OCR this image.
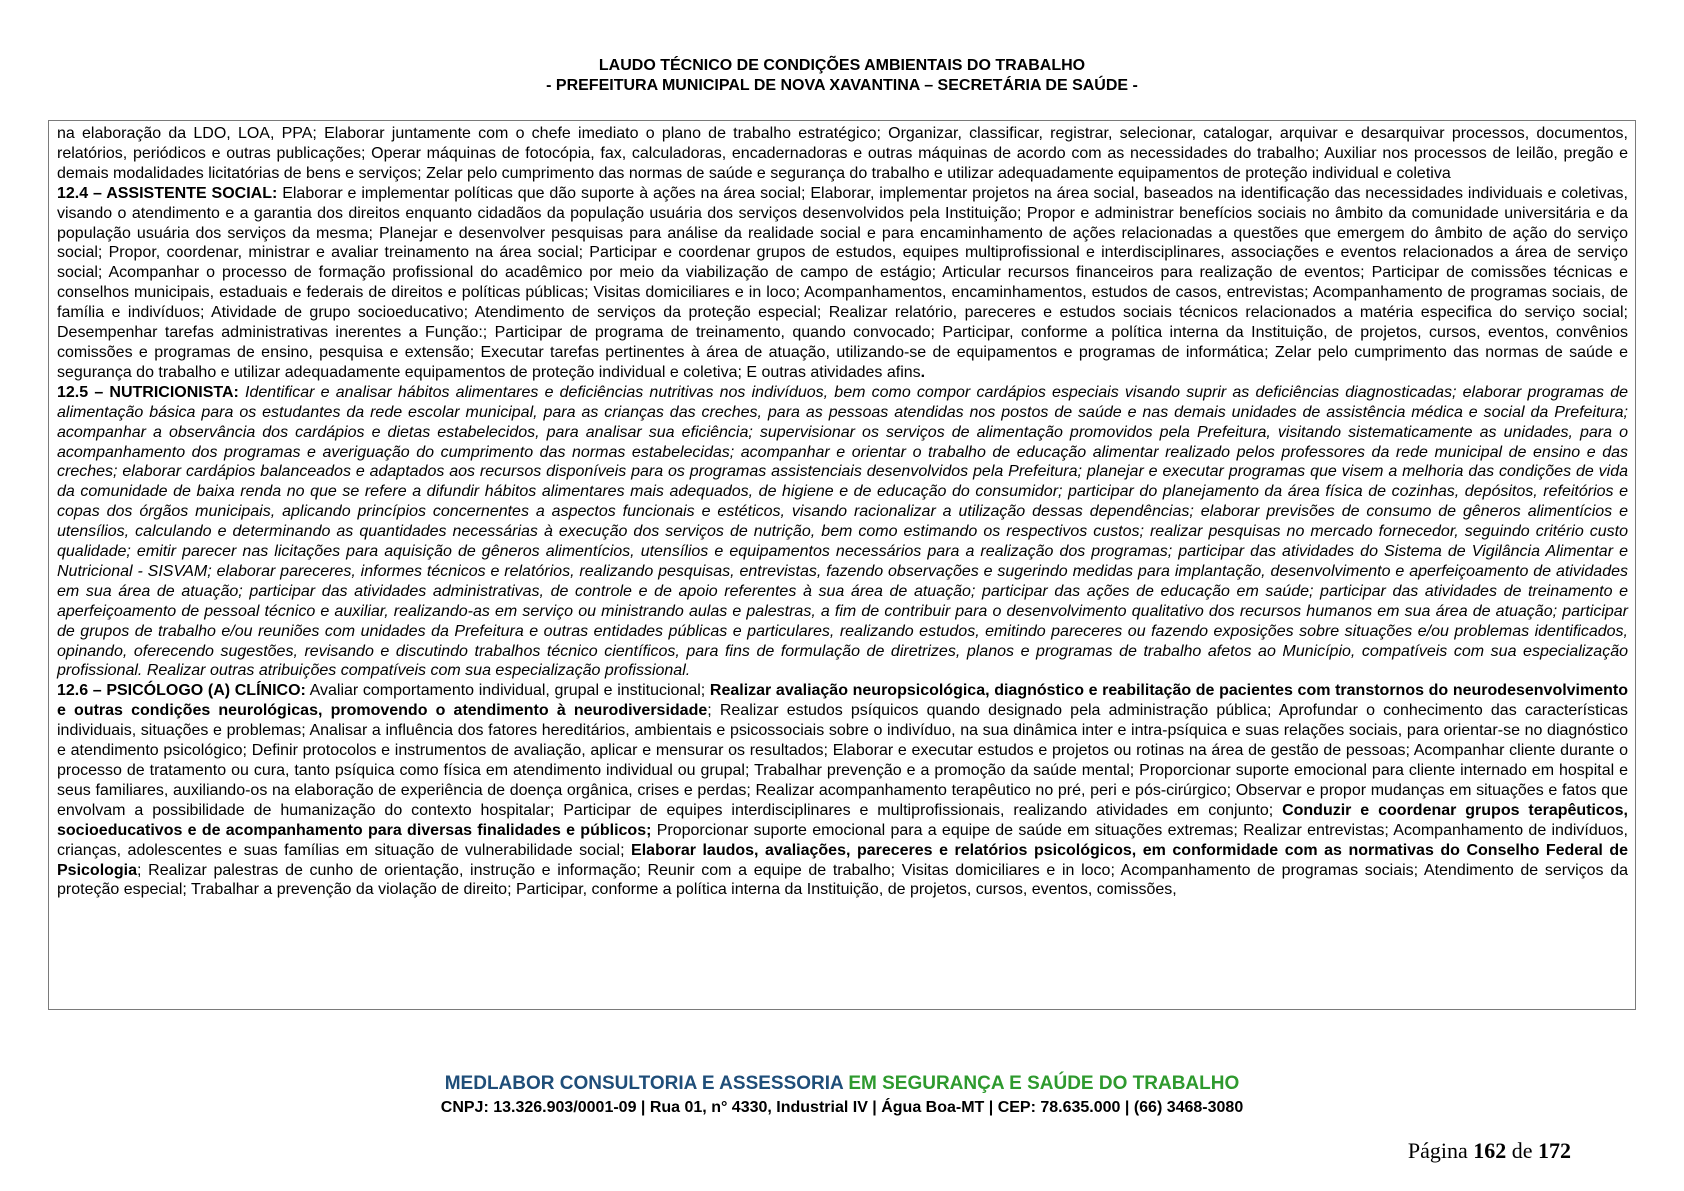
LAUDO TÉCNICO DE CONDIÇÕES AMBIENTAIS DO TRABALHO
- PREFEITURA MUNICIPAL DE NOVA XAVANTINA – SECRETÁRIA DE SAÚDE -

na elaboração da LDO, LOA, PPA; Elaborar juntamente com o chefe imediato o plano de trabalho estratégico; Organizar, classificar, registrar, selecionar, catalogar, arquivar e desarquivar processos, documentos, relatórios, periódicos e outras publicações; Operar máquinas de fotocópia, fax, calculadoras, encadernadoras e outras máquinas de acordo com as necessidades do trabalho; Auxiliar nos processos de leilão, pregão e demais modalidades licitatórias de bens e serviços; Zelar pelo cumprimento das normas de saúde e segurança do trabalho e utilizar adequadamente equipamentos de proteção individual e coletiva

12.4 – ASSISTENTE SOCIAL: Elaborar e implementar políticas que dão suporte à ações na área social; Elaborar, implementar projetos na área social, baseados na identificação das necessidades individuais e coletivas, visando o atendimento e a garantia dos direitos enquanto cidadãos da população usuária dos serviços desenvolvidos pela Instituição; Propor e administrar benefícios sociais no âmbito da comunidade universitária e da população usuária dos serviços da mesma; Planejar e desenvolver pesquisas para análise da realidade social e para encaminhamento de ações relacionadas a questões que emergem do âmbito de ação do serviço social; Propor, coordenar, ministrar e avaliar treinamento na área social; Participar e coordenar grupos de estudos, equipes multiprofissional e interdisciplinares, associações e eventos relacionados a área de serviço social; Acompanhar o processo de formação profissional do acadêmico por meio da viabilização de campo de estágio; Articular recursos financeiros para realização de eventos; Participar de comissões técnicas e conselhos municipais, estaduais e federais de direitos e políticas públicas; Visitas domiciliares e in loco; Acompanhamentos, encaminhamentos, estudos de casos, entrevistas; Acompanhamento de programas sociais, de família e indivíduos; Atividade de grupo socioeducativo; Atendimento de serviços da proteção especial; Realizar relatório, pareceres e estudos sociais técnicos relacionados a matéria especifica do serviço social; Desempenhar tarefas administrativas inerentes a Função:; Participar de programa de treinamento, quando convocado; Participar, conforme a política interna da Instituição, de projetos, cursos, eventos, convênios comissões e programas de ensino, pesquisa e extensão; Executar tarefas pertinentes à área de atuação, utilizando-se de equipamentos e programas de informática; Zelar pelo cumprimento das normas de saúde e segurança do trabalho e utilizar adequadamente equipamentos de proteção individual e coletiva; E outras atividades afins.

12.5 – NUTRICIONISTA: Identificar e analisar hábitos alimentares e deficiências nutritivas nos indivíduos, bem como compor cardápios especiais visando suprir as deficiências diagnosticadas; elaborar programas de alimentação básica para os estudantes da rede escolar municipal, para as crianças das creches, para as pessoas atendidas nos postos de saúde e nas demais unidades de assistência médica e social da Prefeitura; acompanhar a observância dos cardápios e dietas estabelecidos, para analisar sua eficiência; supervisionar os serviços de alimentação promovidos pela Prefeitura, visitando sistematicamente as unidades, para o acompanhamento dos programas e averiguação do cumprimento das normas estabelecidas; acompanhar e orientar o trabalho de educação alimentar realizado pelos professores da rede municipal de ensino e das creches; elaborar cardápios balanceados e adaptados aos recursos disponíveis para os programas assistenciais desenvolvidos pela Prefeitura; planejar e executar programas que visem a melhoria das condições de vida da comunidade de baixa renda no que se refere a difundir hábitos alimentares mais adequados, de higiene e de educação do consumidor; participar do planejamento da área física de cozinhas, depósitos, refeitórios e copas dos órgãos municipais, aplicando princípios concernentes a aspectos funcionais e estéticos, visando racionalizar a utilização dessas dependências; elaborar previsões de consumo de gêneros alimentícios e utensílios, calculando e determinando as quantidades necessárias à execução dos serviços de nutrição, bem como estimando os respectivos custos; realizar pesquisas no mercado fornecedor, seguindo critério custo qualidade; emitir parecer nas licitações para aquisição de gêneros alimentícios, utensílios e equipamentos necessários para a realização dos programas; participar das atividades do Sistema de Vigilância Alimentar e Nutricional - SISVAM; elaborar pareceres, informes técnicos e relatórios, realizando pesquisas, entrevistas, fazendo observações e sugerindo medidas para implantação, desenvolvimento e aperfeiçoamento de atividades em sua área de atuação; participar das atividades administrativas, de controle e de apoio referentes à sua área de atuação; participar das ações de educação em saúde; participar das atividades de treinamento e aperfeiçoamento de pessoal técnico e auxiliar, realizando-as em serviço ou ministrando aulas e palestras, a fim de contribuir para o desenvolvimento qualitativo dos recursos humanos em sua área de atuação; participar de grupos de trabalho e/ou reuniões com unidades da Prefeitura e outras entidades públicas e particulares, realizando estudos, emitindo pareceres ou fazendo exposições sobre situações e/ou problemas identificados, opinando, oferecendo sugestões, revisando e discutindo trabalhos técnico científicos, para fins de formulação de diretrizes, planos e programas de trabalho afetos ao Município, compatíveis com sua especialização profissional. Realizar outras atribuições compatíveis com sua especialização profissional.

12.6 – PSICÓLOGO (A) CLÍNICO: Avaliar comportamento individual, grupal e institucional; Realizar avaliação neuropsicológica, diagnóstico e reabilitação de pacientes com transtornos do neurodesenvolvimento e outras condições neurológicas, promovendo o atendimento à neurodiversidade; Realizar estudos psíquicos quando designado pela administração pública; Aprofundar o conhecimento das características individuais, situações e problemas; Analisar a influência dos fatores hereditários, ambientais e psicossociais sobre o indivíduo, na sua dinâmica inter e intra-psíquica e suas relações sociais, para orientar-se no diagnóstico e atendimento psicológico; Definir protocolos e instrumentos de avaliação, aplicar e mensurar os resultados; Elaborar e executar estudos e projetos ou rotinas na área de gestão de pessoas; Acompanhar cliente durante o processo de tratamento ou cura, tanto psíquica como física em atendimento individual ou grupal; Trabalhar prevenção e a promoção da saúde mental; Proporcionar suporte emocional para cliente internado em hospital e seus familiares, auxiliando-os na elaboração de experiência de doença orgânica, crises e perdas; Realizar acompanhamento terapêutico no pré, peri e pós-cirúrgico; Observar e propor mudanças em situações e fatos que envolvam a possibilidade de humanização do contexto hospitalar; Participar de equipes interdisciplinares e multiprofissionais, realizando atividades em conjunto; Conduzir e coordenar grupos terapêuticos, socioeducativos e de acompanhamento para diversas finalidades e públicos; Proporcionar suporte emocional para a equipe de saúde em situações extremas; Realizar entrevistas; Acompanhamento de indivíduos, crianças, adolescentes e suas famílias em situação de vulnerabilidade social; Elaborar laudos, avaliações, pareceres e relatórios psicológicos, em conformidade com as normativas do Conselho Federal de Psicologia; Realizar palestras de cunho de orientação, instrução e informação; Reunir com a equipe de trabalho; Visitas domiciliares e in loco; Acompanhamento de programas sociais; Atendimento de serviços da proteção especial; Trabalhar a prevenção da violação de direito; Participar, conforme a política interna da Instituição, de projetos, cursos, eventos, comissões,

MEDLABOR CONSULTORIA E ASSESSORIA EM SEGURANÇA E SAÚDE DO TRABALHO
CNPJ: 13.326.903/0001-09 | Rua 01, n° 4330, Industrial IV | Água Boa-MT | CEP: 78.635.000 | (66) 3468-3080
Página 162 de 172
